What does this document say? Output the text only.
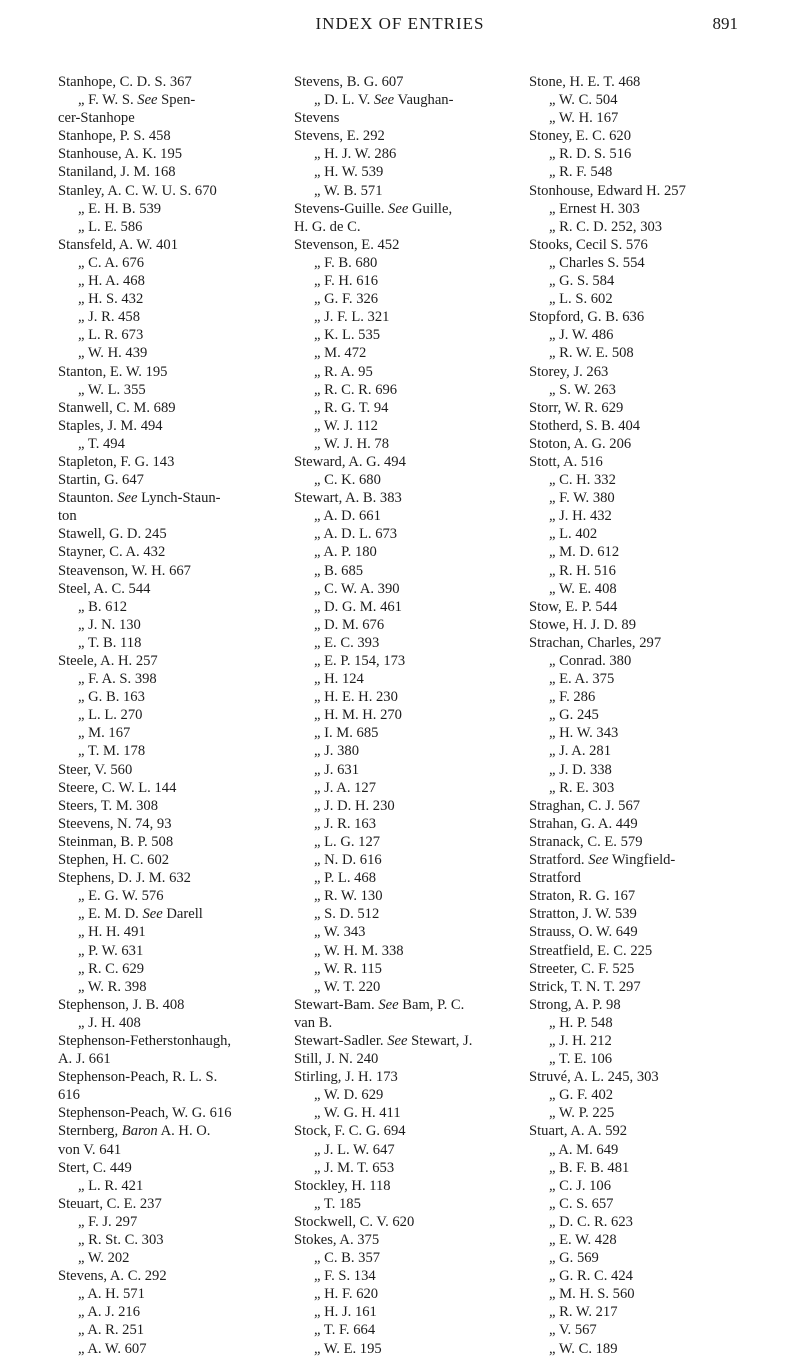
INDEX OF ENTRIES	891
Stanhope, C. D. S. 367
„ F. W. S. See Spen-
cer-Stanhope
Stanhope, P. S. 458
Stanhouse, A. K. 195
Staniland, J. M. 168
Stanley, A. C. W. U. S. 670
„ E. H. B. 539
„ L. E. 586
Stansfeld, A. W. 401
„ C. A. 676
„ H. A. 468
„ H. S. 432
„ J. R. 458
„ L. R. 673
„ W. H. 439
Stanton, E. W. 195
„ W. L. 355
Stanwell, C. M. 689
Staples, J. M. 494
„ T. 494
Stapleton, F. G. 143
Startin, G. 647
Staunton. See Lynch-Staun-
ton
Stawell, G. D. 245
Stayner, C. A. 432
Steavenson, W. H. 667
Steel, A. C. 544
„ B. 612
„ J. N. 130
„ T. B. 118
Steele, A. H. 257
„ F. A. S. 398
„ G. B. 163
„ L. L. 270
„ M. 167
„ T. M. 178
Steer, V. 560
Steere, C. W. L. 144
Steers, T. M. 308
Steevens, N. 74, 93
Steinman, B. P. 508
Stephen, H. C. 602
Stephens, D. J. M. 632
„ E. G. W. 576
„ E. M. D. See Darell
„ H. H. 491
„ P. W. 631
„ R. C. 629
„ W. R. 398
Stephenson, J. B. 408
„ J. H. 408
Stephenson-Fetherstonhaugh,
A. J. 661
Stephenson-Peach, R. L. S.
616
Stephenson-Peach, W. G. 616
Sternberg, Baron A. H. O.
von V. 641
Stert, C. 449
„ L. R. 421
Steuart, C. E. 237
„ F. J. 297
„ R. St. C. 303
„ W. 202
Stevens, A. C. 292
„ A. H. 571
„ A. J. 216
„ A. R. 251
„ A. W. 607
Stevens, B. G. 607
„ D. L. V. See Vaughan-
Stevens
Stevens, E. 292
„ H. J. W. 286
„ H. W. 539
„ W. B. 571
Stevens-Guille. See Guille,
H. G. de C.
Stevenson, E. 452
„ F. B. 680
„ F. H. 616
„ G. F. 326
„ J. F. L. 321
„ K. L. 535
„ M. 472
„ R. A. 95
„ R. C. R. 696
„ R. G. T. 94
„ W. J. 112
„ W. J. H. 78
Steward, A. G. 494
„ C. K. 680
Stewart, A. B. 383
„ A. D. 661
„ A. D. L. 673
„ A. P. 180
„ B. 685
„ C. W. A. 390
„ D. G. M. 461
„ D. M. 676
„ E. C. 393
„ E. P. 154, 173
„ H. 124
„ H. E. H. 230
„ H. M. H. 270
„ I. M. 685
„ J. 380
„ J. 631
„ J. A. 127
„ J. D. H. 230
„ J. R. 163
„ L. G. 127
„ N. D. 616
„ P. L. 468
„ R. W. 130
„ S. D. 512
„ W. 343
„ W. H. M. 338
„ W. R. 115
„ W. T. 220
Stewart-Bam. See Bam, P. C.
van B.
Stewart-Sadler. See Stewart, J.
Still, J. N. 240
Stirling, J. H. 173
„ W. D. 629
„ W. G. H. 411
Stock, F. C. G. 694
„ J. L. W. 647
„ J. M. T. 653
Stockley, H. 118
„ T. 185
Stockwell, C. V. 620
Stokes, A. 375
„ C. B. 357
„ F. S. 134
„ H. F. 620
„ H. J. 161
„ T. F. 664
„ W. E. 195
Stone, H. E. T. 468
„ W. C. 504
„ W. H. 167
Stoney, E. C. 620
„ R. D. S. 516
„ R. F. 548
Stonhouse, Edward H. 257
„ Ernest H. 303
„ R. C. D. 252, 303
Stooks, Cecil S. 576
„ Charles S. 554
„ G. S. 584
„ L. S. 602
Stopford, G. B. 636
„ J. W. 486
„ R. W. E. 508
Storey, J. 263
„ S. W. 263
Storr, W. R. 629
Stotherd, S. B. 404
Stoton, A. G. 206
Stott, A. 516
„ C. H. 332
„ F. W. 380
„ J. H. 432
„ L. 402
„ M. D. 612
„ R. H. 516
„ W. E. 408
Stow, E. P. 544
Stowe, H. J. D. 89
Strachan, Charles, 297
„ Conrad. 380
„ E. A. 375
„ F. 286
„ G. 245
„ H. W. 343
„ J. A. 281
„ J. D. 338
„ R. E. 303
Straghan, C. J. 567
Strahan, G. A. 449
Stranack, C. E. 579
Stratford. See Wingfield-
Stratford
Straton, R. G. 167
Stratton, J. W. 539
Strauss, O. W. 649
Streatfield, E. C. 225
Streeter, C. F. 525
Strick, T. N. T. 297
Strong, A. P. 98
„ H. P. 548
„ J. H. 212
„ T. E. 106
Struvé, A. L. 245, 303
„ G. F. 402
„ W. P. 225
Stuart, A. A. 592
„ A. M. 649
„ B. F. B. 481
„ C. J. 106
„ C. S. 657
„ D. C. R. 623
„ E. W. 428
„ G. 569
„ G. R. C. 424
„ M. H. S. 560
„ R. W. 217
„ V. 567
„ W. C. 189
